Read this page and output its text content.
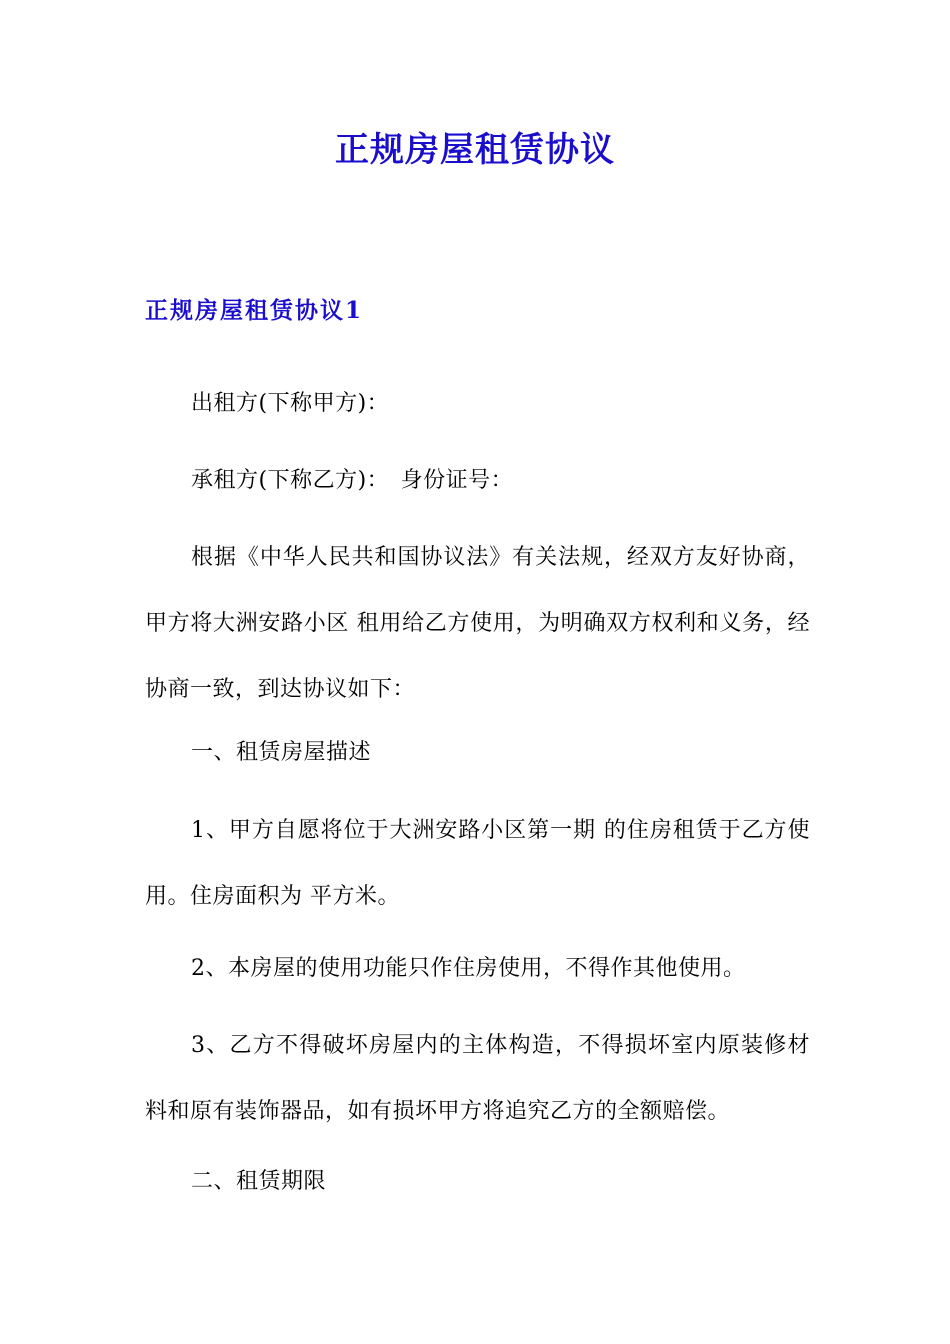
正规房屋租赁协议
正规房屋租赁协议1

出租方(下称甲方)：

承租方(下称乙方)：　身份证号：

根据《中华人民共和国协议法》有关法规，经双方友好协商，甲方将大洲安路小区 租用给乙方使用，为明确双方权利和义务，经协商一致，到达协议如下：

一、租赁房屋描述

1、甲方自愿将位于大洲安路小区第一期 的住房租赁于乙方使用。住房面积为 平方米。

2、本房屋的使用功能只作住房使用，不得作其他使用。

3、乙方不得破坏房屋内的主体构造，不得损坏室内原装修材料和原有装饰器品，如有损坏甲方将追究乙方的全额赔偿。

二、租赁期限
